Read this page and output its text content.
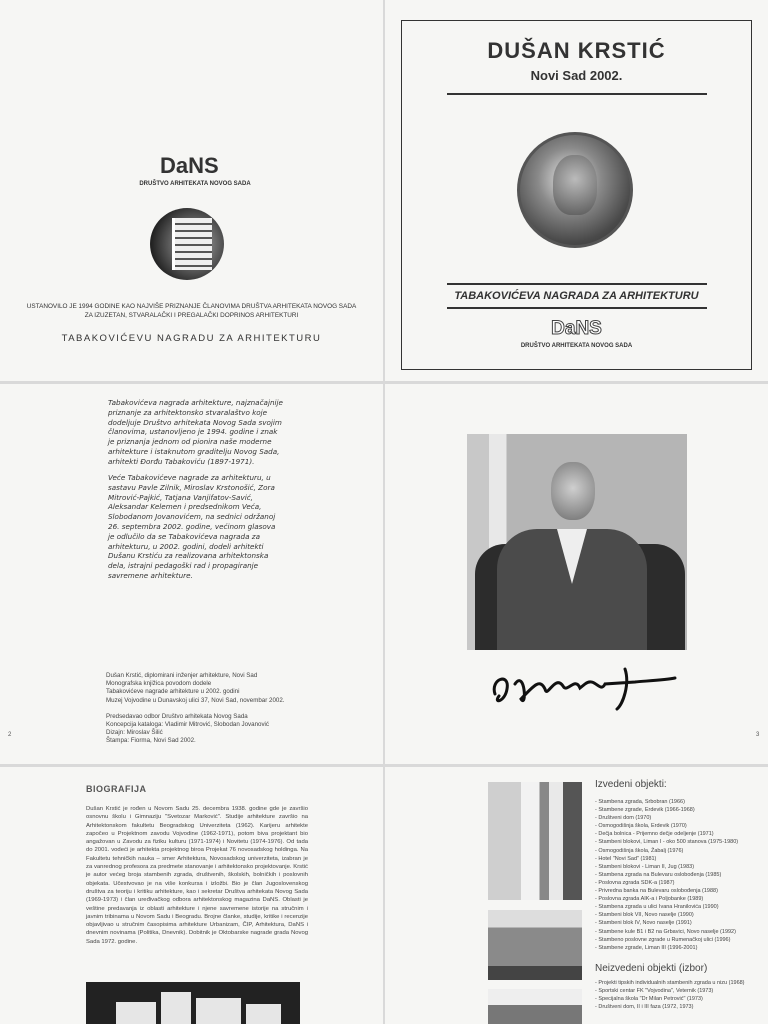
DaNS
DRUŠTVO ARHITEKATA NOVOG SADA
USTANOVILO JE 1994 GODINE KAO NAJVIŠE PRIZNANJE ČLANOVIMA DRUŠTVA ARHITEKATA NOVOG SADA
ZA IZUZETAN, STVARALAČKI I PREGALAČKI DOPRINOS ARHITEKTURI
TABAKOVIĆEVU NAGRADU ZA ARHITEKTURU
DUŠAN KRSTIĆ
Novi Sad 2002.
TABAKOVIĆEVA NAGRADA ZA ARHITEKTURU
DaNS
DRUŠTVO ARHITEKATA NOVOG SADA
Tabakovićeva nagrada arhitekture, najznačajnije
priznanje za arhitektonsko stvaralaštvo koje
dodeljuje Društvo arhitekata Novog Sada svojim
članovima, ustanovljeno je 1994. godine i znak
je priznanja jednom od pionira naše moderne
arhitekture i istaknutom graditelju Novog Sada,
arhitekti Đorđu Tabakoviću (1897-1971).
Veće Tabakovićeve nagrade za arhitekturu, u
sastavu Pavle Zilnik, Miroslav Krstonošić, Zora
Mitrović-Pajkić, Tatjana Vanjifatov-Savić,
Aleksandar Kelemen i predsednikom Veća,
Slobodanom Jovanovićem, na sednici održanoj
26. septembra 2002. godine, većinom glasova
je odlučilo da se Tabakovićeva nagrada za
arhitekturu, u 2002. godini, dodeli arhitekti
Dušanu Krstiću za realizovana arhitektonska
dela, istrajni pedagoški rad i propagiranje
savremene arhitekture.
Dušan Krstić, diplomirani inženjer arhitekture, Novi Sad
Monografska knjižica povodom dodele
Tabakovićeve nagrade arhitekture u 2002. godini
Muzej Vojvodine u Dunavskoj ulici 37, Novi Sad, novembar 2002.
Predsedavao odbor Društvo arhitekata Novog Sada
Koncepcija kataloga: Vladimir Mitrović, Slobodan Jovanović
Dizajn: Miroslav Šilić
Štampa: Fiorma, Novi Sad 2002.
2	3
BIOGRAFIJA
Dušan Krstić je rođen u Novom Sadu 25. decembra 1938. godine gde je završio osnovnu školu i Gimnaziju "Svetozar Marković". Studije arhitekture završio na Arhitektonskom fakultetu Beogradskog Univerziteta (1962). Karijeru arhitekte započeo u Projektnom zavodu Vojvodine (1962-1971), potom biva projektant bio angažovan u Zavodu za fiziku kulturu (1971-1974) i Novitetu (1974-1976). Od tada do 2001. vodeći je arhitekta projektnog biroa Projekat 76 novosadskog holdinga. Na Fakultetu tehničkih nauka – smer Arhitektura, Novosadskog univerziteta, izabran je za vanrednog profesora za predmete stanovanje i arhitektonsko projektovanje. Krstić je autor većeg broja stambenih zgrada, društvenih, školskih, bolničkih i poslovnih objekata. Učestvovao je na više konkursa i izložbi. Bio je član Jugoslovenskog društva za teoriju i kritiku arhitekture, kao i sekretar Društva arhitekata Novog Sada (1969-1973) i član uređivačkog odbora arhitektonskog magazina DaNS. Oblasti je veštine predavanja iz oblasti arhitekture i njene savremene istorije na stručnim i javnim tribinama u Novom Sadu i Beogradu. Brojne članke, studije, kritike i recenzije objavljivao u stručnim časopisima arhitekture Urbanizam, ČIP, Arhitektura, DaNS i dnevnim novinama (Politika, Dnevnik). Dobitnik je Oktobarske nagrade grada Novog Sada 1972. godine.
Izvedeni objekti:
- Stambena zgrada, Srbobran (1966)
- Stambene zgrade, Erdevik (1966-1968)
- Društveni dom (1970)
- Osmogodišnja škola, Erdevik (1970)
- Dečja bolnica - Prijemno dečje odeljenje (1971)
- Stambeni blokovi, Liman I - oko 500 stanova (1975-1980)
- Osmogodišnja škola, Žabalj (1976)
- Hotel "Novi Sad" (1981)
- Stambeni blokovi - Liman II, Jug (1983)
- Stambena zgrada na Bulevaru oslobođenja (1985)
- Poslovna zgrada SDK-a (1987)
- Privredna banka na Bulevaru oslobođenja (1988)
- Poslovna zgrada AIK-a i Poljobanke (1989)
- Stambena zgrada u ulici Ivana Hranilovića (1990)
- Stambeni blok VII, Novo naselje (1990)
- Stambeni blok IV, Novo naselje (1991)
- Stambene kule B1 i B2 na Grbavici, Novo naselje (1992)
- Stambeno poslovne zgrade u Rumenačkoj ulici (1996)
- Stambene zgrade, Liman III (1996-2001)
Neizvedeni objekti (izbor)
- Projekti tipskih individualnih stambenih zgrada u nizu (1968)
- Sportski centar FK "Vojvodina", Veternik (1973)
- Specijalna škola "Dr Milan Petrović" (1973)
- Društveni dom, II i III faza (1972, 1973)
